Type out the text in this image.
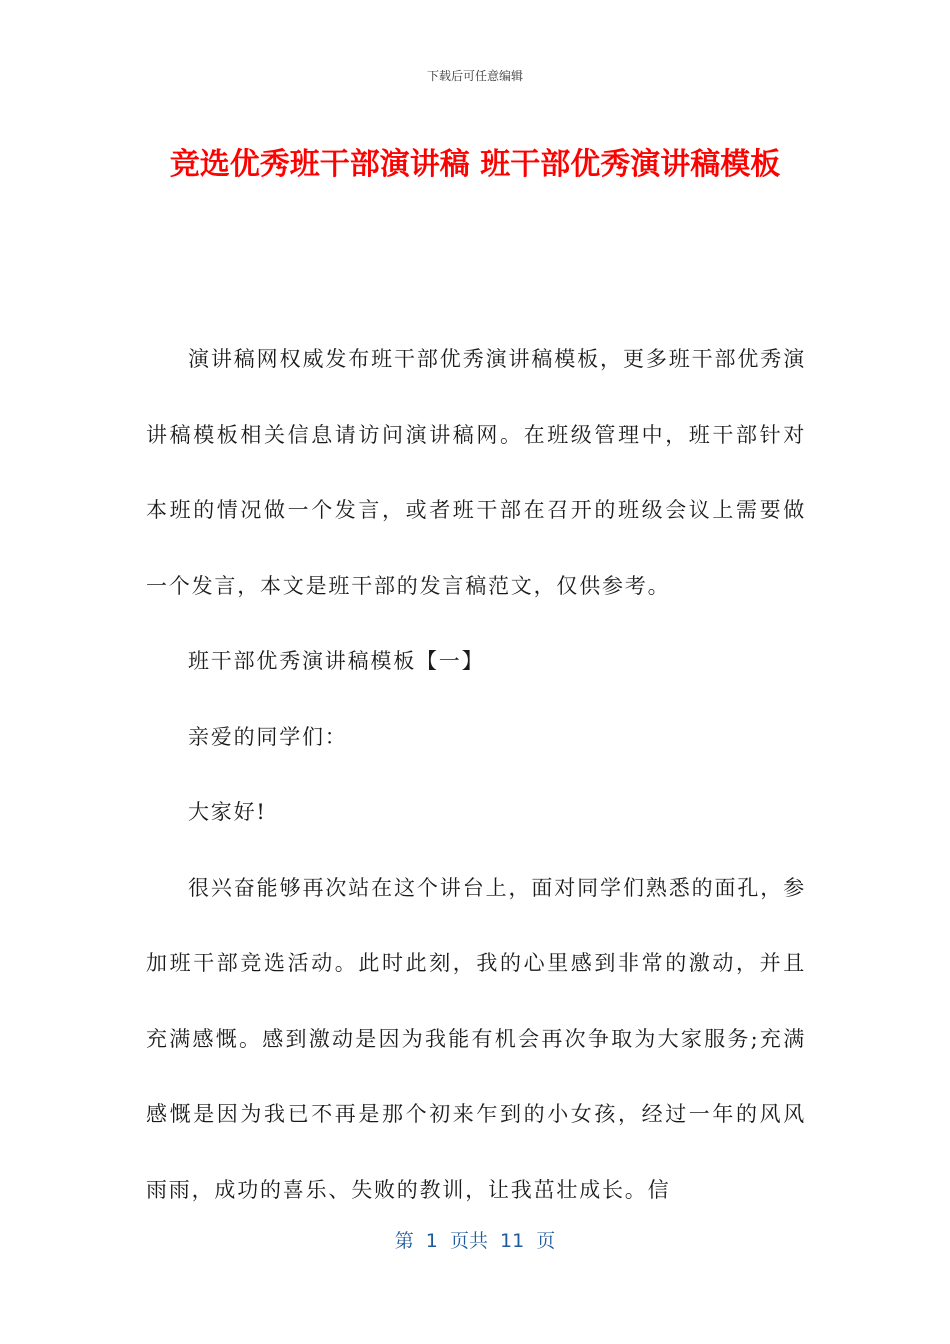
下载后可任意编辑
竞选优秀班干部演讲稿 班干部优秀演讲稿模板

演讲稿网权威发布班干部优秀演讲稿模板，更多班干部优秀演讲稿模板相关信息请访问演讲稿网。在班级管理中，班干部针对本班的情况做一个发言，或者班干部在召开的班级会议上需要做一个发言，本文是班干部的发言稿范文，仅供参考。

班干部优秀演讲稿模板【一】

亲爱的同学们：

大家好!

很兴奋能够再次站在这个讲台上，面对同学们熟悉的面孔，参加班干部竞选活动。此时此刻，我的心里感到非常的激动，并且充满感慨。感到激动是因为我能有机会再次争取为大家服务;充满感慨是因为我已不再是那个初来乍到的小女孩，经过一年的风风雨雨，成功的喜乐、失败的教训，让我茁壮成长。信

第  1  页共  11  页
